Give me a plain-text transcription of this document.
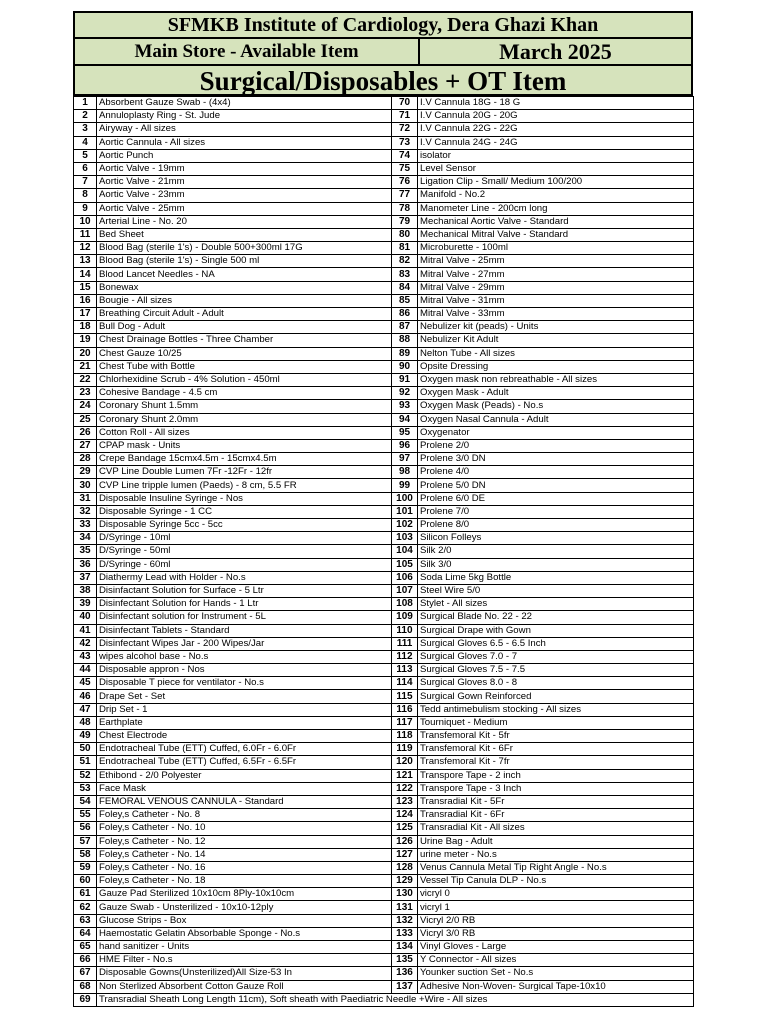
SFMKB Institute of Cardiology, Dera Ghazi Khan
Main Store - Available Item	March 2025
Surgical/Disposables + OT Item
1	Absorbent Gauze Swab - (4x4)	70	I.V Cannula 18G - 18 G
2	Annuloplasty Ring - St. Jude	71	I.V Cannula 20G - 20G
3	Airyway - All sizes	72	I.V Cannula 22G - 22G
4	Aortic Cannula - All sizes	73	I.V Cannula 24G - 24G
5	Aortic Punch	74	isolator
6	Aortic Valve - 19mm	75	Level Sensor
7	Aortic Valve - 21mm	76	Ligation Clip - Small/ Medium 100/200
8	Aortic Valve - 23mm	77	Manifold - No.2
9	Aortic Valve - 25mm	78	Manometer Line - 200cm long
10	Arterial Line - No. 20	79	Mechanical Aortic Valve - Standard
11	Bed Sheet	80	Mechanical Mitral Valve - Standard
12	Blood Bag (sterile 1's) - Double 500+300ml 17G	81	Microburette - 100ml
13	Blood Bag (sterile 1's) - Single 500 ml	82	Mitral Valve - 25mm
14	Blood Lancet Needles - NA	83	Mitral Valve - 27mm
15	Bonewax	84	Mitral Valve - 29mm
16	Bougie - All sizes	85	Mitral Valve - 31mm
17	Breathing Circuit Adult - Adult	86	Mitral Valve - 33mm
18	Bull Dog - Adult	87	Nebulizer kit (peads) - Units
19	Chest Drainage Bottles - Three Chamber	88	Nebulizer Kit Adult
20	Chest Gauze 10/25	89	Nelton Tube - All sizes
21	Chest Tube with Bottle	90	Opsite Dressing
22	Chlorhexidine Scrub - 4% Solution - 450ml	91	Oxygen mask non rebreathable - All sizes
23	Cohesive Bandage - 4.5 cm	92	Oxygen Mask - Adult
24	Coronary Shunt 1.5mm	93	Oxygen Mask (Peads) - No.s
25	Coronary Shunt 2.0mm	94	Oxygen Nasal Cannula - Adult
26	Cotton Roll - All sizes	95	Oxygenator
27	CPAP mask - Units	96	Prolene 2/0
28	Crepe Bandage 15cmx4.5m - 15cmx4.5m	97	Prolene 3/0 DN
29	CVP Line Double Lumen 7Fr -12Fr - 12fr	98	Prolene 4/0
30	CVP Line tripple lumen (Paeds) - 8 cm, 5.5 FR	99	Prolene 5/0 DN
31	Disposable Insuline Syringe - Nos	100	Prolene 6/0 DE
32	Disposable Syringe - 1 CC	101	Prolene 7/0
33	Disposable Syringe 5cc - 5cc	102	Prolene 8/0
34	D/Syringe - 10ml	103	Silicon Folleys
35	D/Syringe - 50ml	104	Silk 2/0
36	D/Syringe - 60ml	105	Silk 3/0
37	Diathermy Lead with Holder - No.s	106	Soda Lime 5kg Bottle
38	Disinfactant Solution for Surface - 5 Ltr	107	Steel Wire 5/0
39	Disinfectant Solution for Hands - 1 Ltr	108	Stylet - All sizes
40	Disinfectant solution for Instrument - 5L	109	Surgical Blade No. 22 - 22
41	Disinfectant Tablets - Standard	110	Surgical Drape with Gown
42	Disinfectant Wipes Jar - 200 Wipes/Jar	111	Surgical Gloves 6.5 - 6.5 Inch
43	wipes alcohol base - No.s	112	Surgical Gloves 7.0 - 7
44	Disposable appron - Nos	113	Surgical Gloves 7.5 - 7.5
45	Disposable T piece for ventilator - No.s	114	Surgical Gloves 8.0 - 8
46	Drape Set - Set	115	Surgical Gown Reinforced
47	Drip Set - 1	116	Tedd antimebulism stocking - All sizes
48	Earthplate	117	Tourniquet - Medium
49	Chest Electrode	118	Transfemoral Kit - 5fr
50	Endotracheal Tube (ETT) Cuffed, 6.0Fr - 6.0Fr	119	Transfemoral Kit - 6Fr
51	Endotracheal Tube (ETT) Cuffed, 6.5Fr - 6.5Fr	120	Transfemoral Kit - 7fr
52	Ethibond - 2/0 Polyester	121	Transpore Tape - 2 inch
53	Face Mask	122	Transpore Tape - 3 Inch
54	FEMORAL VENOUS CANNULA - Standard	123	Transradial Kit - 5Fr
55	Foley,s Catheter - No. 8	124	Transradial Kit - 6Fr
56	Foley,s Catheter - No. 10	125	Transradial Kit - All sizes
57	Foley,s Catheter - No. 12	126	Urine Bag - Adult
58	Foley,s Catheter - No. 14	127	urine meter - No.s
59	Foley,s Catheter - No. 16	128	Venus Cannula Metal Tip Right Angle - No.s
60	Foley,s Catheter - No. 18	129	Vessel Tip Canula DLP - No.s
61	Gauze Pad Sterilized 10x10cm 8Ply-10x10cm	130	vicryl 0
62	Gauze Swab - Unsterilized - 10x10-12ply	131	vicryl 1
63	Glucose Strips - Box	132	Vicryl 2/0 RB
64	Haemostatic Gelatin Absorbable Sponge - No.s	133	Vicryl 3/0 RB
65	hand sanitizer - Units	134	Vinyl Gloves - Large
66	HME Filter - No.s	135	Y Connector - All sizes
67	Disposable Gowns(Unsterilized)All Size-53 In	136	Younker suction Set - No.s
68	Non Sterlized Absorbent Cotton Gauze Roll	137	Adhesive Non-Woven- Surgical Tape-10x10
69	Transradial Sheath Long Length 11cm), Soft sheath with Paediatric Needle +Wire - All sizes		
